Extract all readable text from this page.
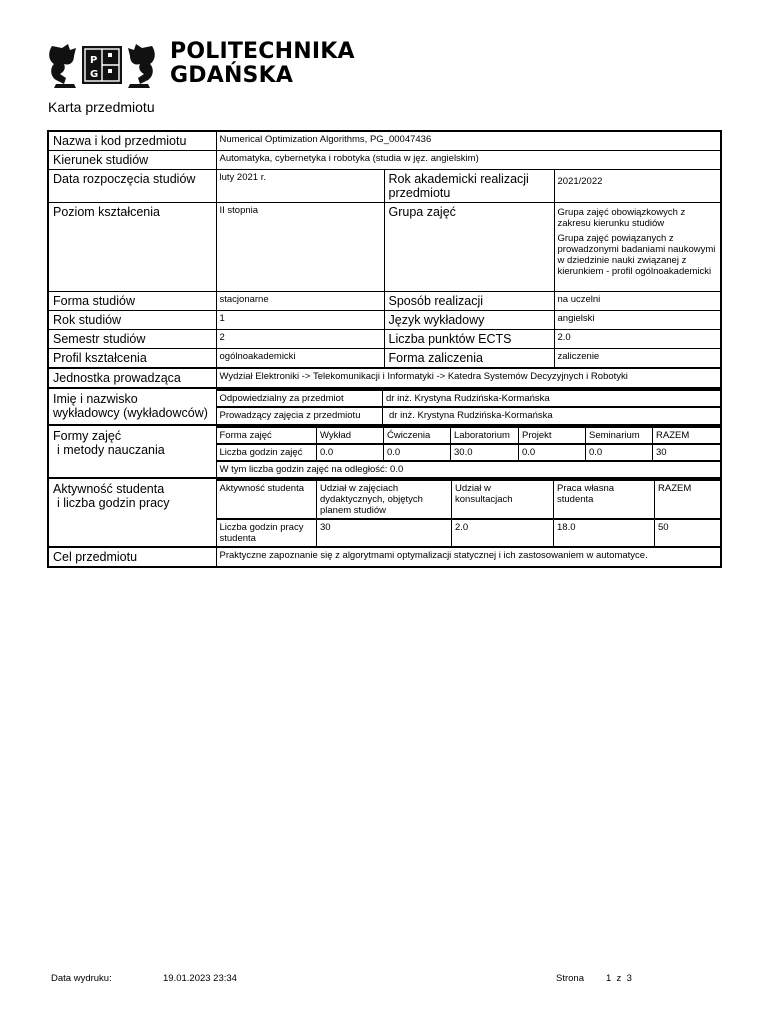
P
G
POLITECHNIKA
GDAŃSKA
Karta przedmiotu
Nazwa i kod przedmiotu	Numerical Optimization Algorithms, PG_00047436
Kierunek studiów	Automatyka, cybernetyka i robotyka (studia w jęz. angielskim)
Data rozpoczęcia studiów	luty 2021 r.	Rok akademicki realizacji przedmiotu	2021/2022
Poziom kształcenia	II stopnia	Grupa zajęć	Grupa zajęć obowiązkowych z zakresu kierunku studiów
Grupa zajęć powiązanych z prowadzonymi badaniami naukowymi w dziedzinie nauki związanej z kierunkiem - profil ogólnoakademicki

Forma studiów	stacjonarne	Sposób realizacji	na uczelni
Rok studiów	1	Język wykładowy	angielski
Semestr studiów	2	Liczba punktów ECTS	2.0
Profil kształcenia	ogólnoakademicki	Forma zaliczenia	zaliczenie
Jednostka prowadząca	Wydział Elektroniki -> Telekomunikacji i Informatyki -> Katedra Systemów Decyzyjnych i Robotyki

Imię i nazwisko
wykładowcy (wykładowców)

Odpowiedzialny za przedmiot	dr inż. Krystyna Rudzińska-Kormańska
Prowadzący zajęcia z przedmiotu	dr inż. Krystyna Rudzińska-Kormańska

Formy zajęć
i metody nauczania

Forma zajęć	Wykład	Ćwiczenia	Laboratorium	Projekt	Seminarium	RAZEM
Liczba godzin zajęć	0.0	0.0	30.0	0.0	0.0	30
W tym liczba godzin zajęć na odległość: 0.0

Aktywność studenta
i liczba godzin pracy

Aktywność studenta	Udział w zajęciach dydaktycznych, objętych planem studiów	Udział w konsultacjach	Praca własna studenta	RAZEM
Liczba godzin pracy studenta	30	2.0	18.0	50

Cel przedmiotu	Praktyczne zapoznanie się z algorytmami optymalizacji statycznej i ich zastosowaniem w automatyce.
Data wydruku:	19.01.2023 23:34	Strona 1  z  3
